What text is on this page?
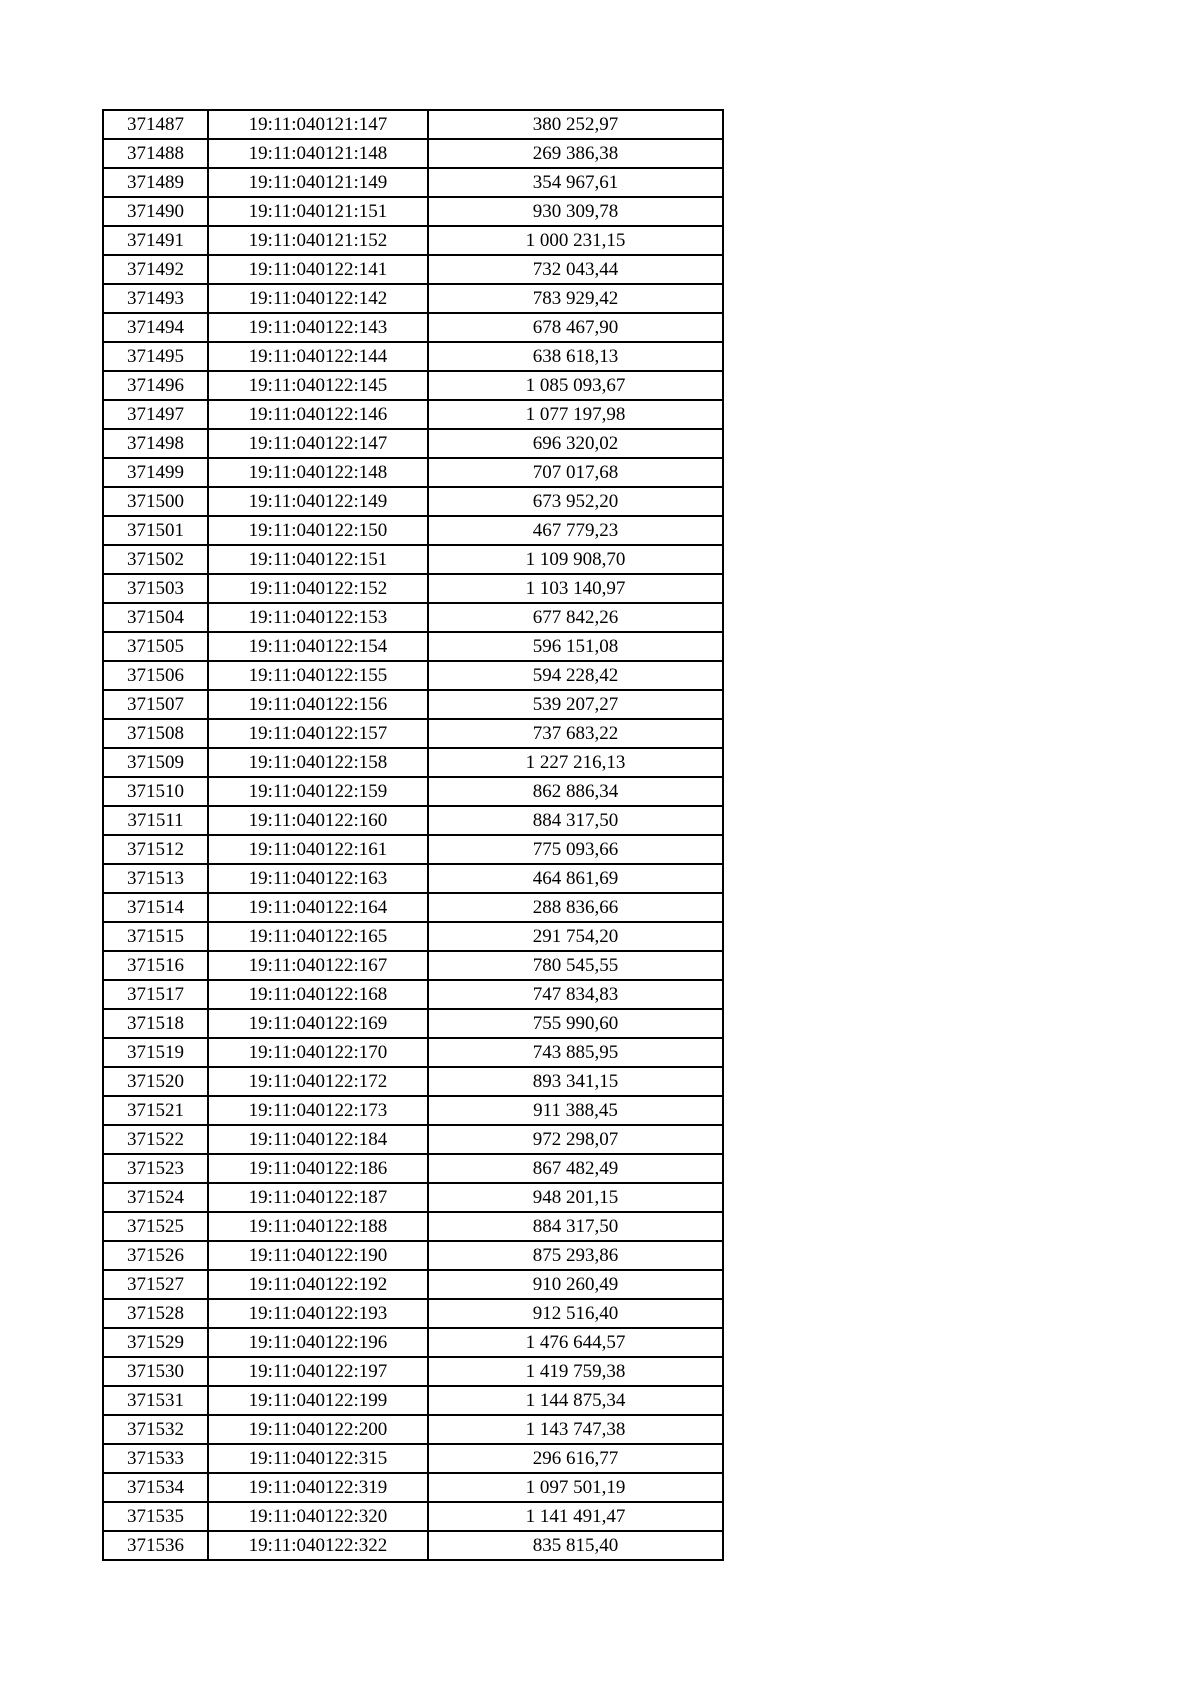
371487	19:11:040121:147	380 252,97
371488	19:11:040121:148	269 386,38
371489	19:11:040121:149	354 967,61
371490	19:11:040121:151	930 309,78
371491	19:11:040121:152	1 000 231,15
371492	19:11:040122:141	732 043,44
371493	19:11:040122:142	783 929,42
371494	19:11:040122:143	678 467,90
371495	19:11:040122:144	638 618,13
371496	19:11:040122:145	1 085 093,67
371497	19:11:040122:146	1 077 197,98
371498	19:11:040122:147	696 320,02
371499	19:11:040122:148	707 017,68
371500	19:11:040122:149	673 952,20
371501	19:11:040122:150	467 779,23
371502	19:11:040122:151	1 109 908,70
371503	19:11:040122:152	1 103 140,97
371504	19:11:040122:153	677 842,26
371505	19:11:040122:154	596 151,08
371506	19:11:040122:155	594 228,42
371507	19:11:040122:156	539 207,27
371508	19:11:040122:157	737 683,22
371509	19:11:040122:158	1 227 216,13
371510	19:11:040122:159	862 886,34
371511	19:11:040122:160	884 317,50
371512	19:11:040122:161	775 093,66
371513	19:11:040122:163	464 861,69
371514	19:11:040122:164	288 836,66
371515	19:11:040122:165	291 754,20
371516	19:11:040122:167	780 545,55
371517	19:11:040122:168	747 834,83
371518	19:11:040122:169	755 990,60
371519	19:11:040122:170	743 885,95
371520	19:11:040122:172	893 341,15
371521	19:11:040122:173	911 388,45
371522	19:11:040122:184	972 298,07
371523	19:11:040122:186	867 482,49
371524	19:11:040122:187	948 201,15
371525	19:11:040122:188	884 317,50
371526	19:11:040122:190	875 293,86
371527	19:11:040122:192	910 260,49
371528	19:11:040122:193	912 516,40
371529	19:11:040122:196	1 476 644,57
371530	19:11:040122:197	1 419 759,38
371531	19:11:040122:199	1 144 875,34
371532	19:11:040122:200	1 143 747,38
371533	19:11:040122:315	296 616,77
371534	19:11:040122:319	1 097 501,19
371535	19:11:040122:320	1 141 491,47
371536	19:11:040122:322	835 815,40
